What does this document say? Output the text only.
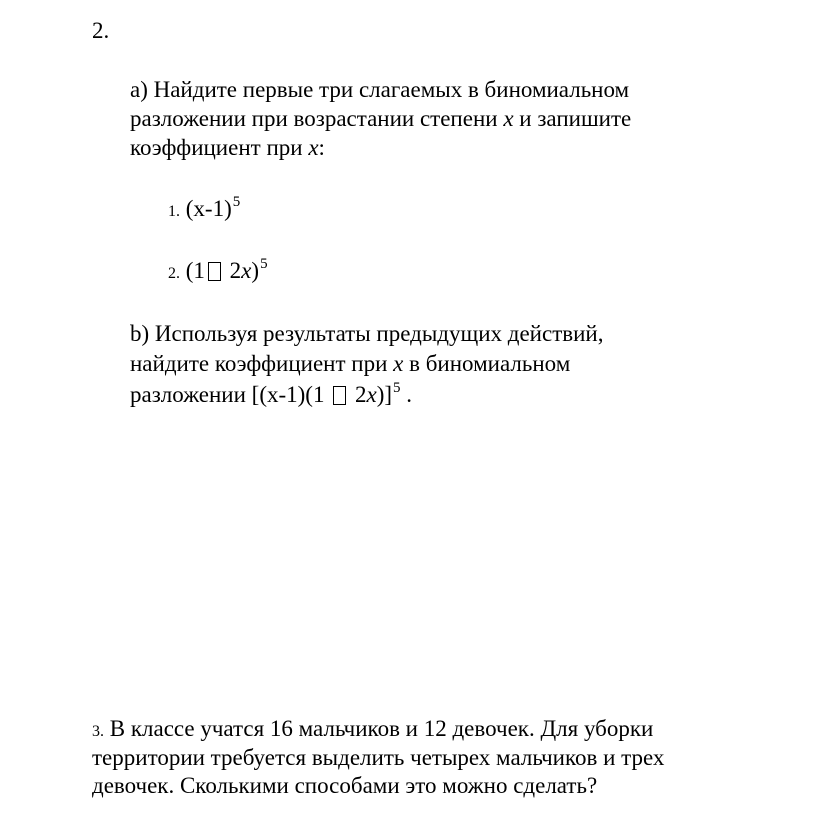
2.
a) Найдите первые три слагаемых в биномиальном
разложении при возрастании степени x и запишите
коэффициент при x:
1. $(x-1)^5$
2. (1 2x)$^5$
b) Используя результаты предыдущих действий,
найдите коэффициент при x в биномиальном
разложении [(x-1)(1  2x)]$^5$ .
3. В классе учатся 16 мальчиков и 12 девочек. Для уборки
территории требуется выделить четырех мальчиков и трех
девочек. Сколькими способами это можно сделать?
